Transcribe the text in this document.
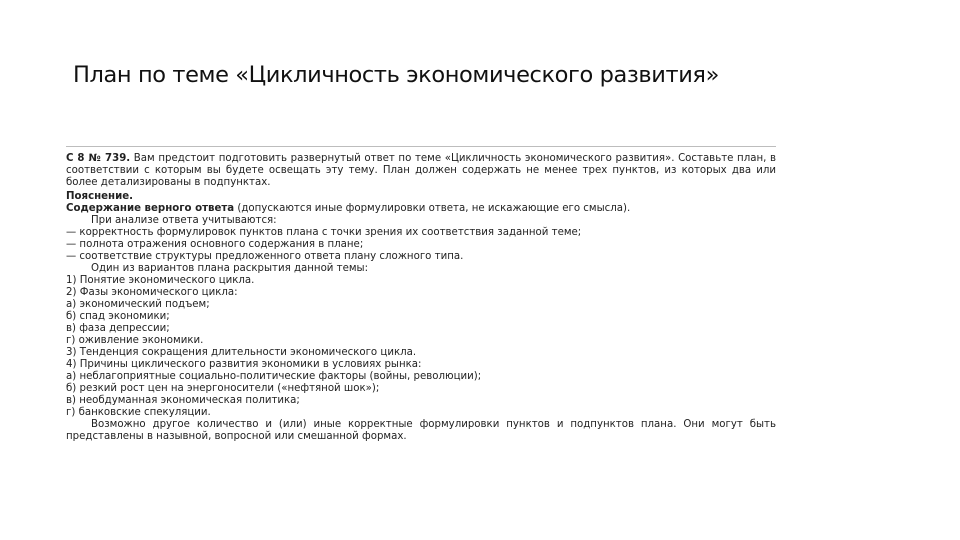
План по теме «Цикличность экономического развития»

С 8 № 739. Вам предстоит подготовить развернутый ответ по теме «Цикличность экономического развития». Составьте план, в соответствии с которым вы будете освещать эту тему. План должен содержать не менее трех пунктов, из которых два или более детализированы в подпунктах.

Пояснение.

Содержание верного ответа (допускаются иные формулировки ответа, не искажающие его смысла).

При анализе ответа учитываются:

— корректность формулировок пунктов плана с точки зрения их соответствия заданной теме;

— полнота отражения основного содержания в плане;

— соответствие структуры предложенного ответа плану сложного типа.

Один из вариантов плана раскрытия данной темы:

1) Понятие экономического цикла.

2) Фазы экономического цикла:

а) экономический подъем;

б) спад экономики;

в) фаза депрессии;

г) оживление экономики.

3) Тенденция сокращения длительности экономического цикла.

4) Причины циклического развития экономики в условиях рынка:

а) неблагоприятные социально-политические факторы (войны, революции);

б) резкий рост цен на энергоносители («нефтяной шок»);

в) необдуманная экономическая политика;

г) банковские спекуляции.

Возможно другое количество и (или) иные корректные формулировки пунктов и подпунктов плана. Они могут быть представлены в назывной, вопросной или смешанной формах.
